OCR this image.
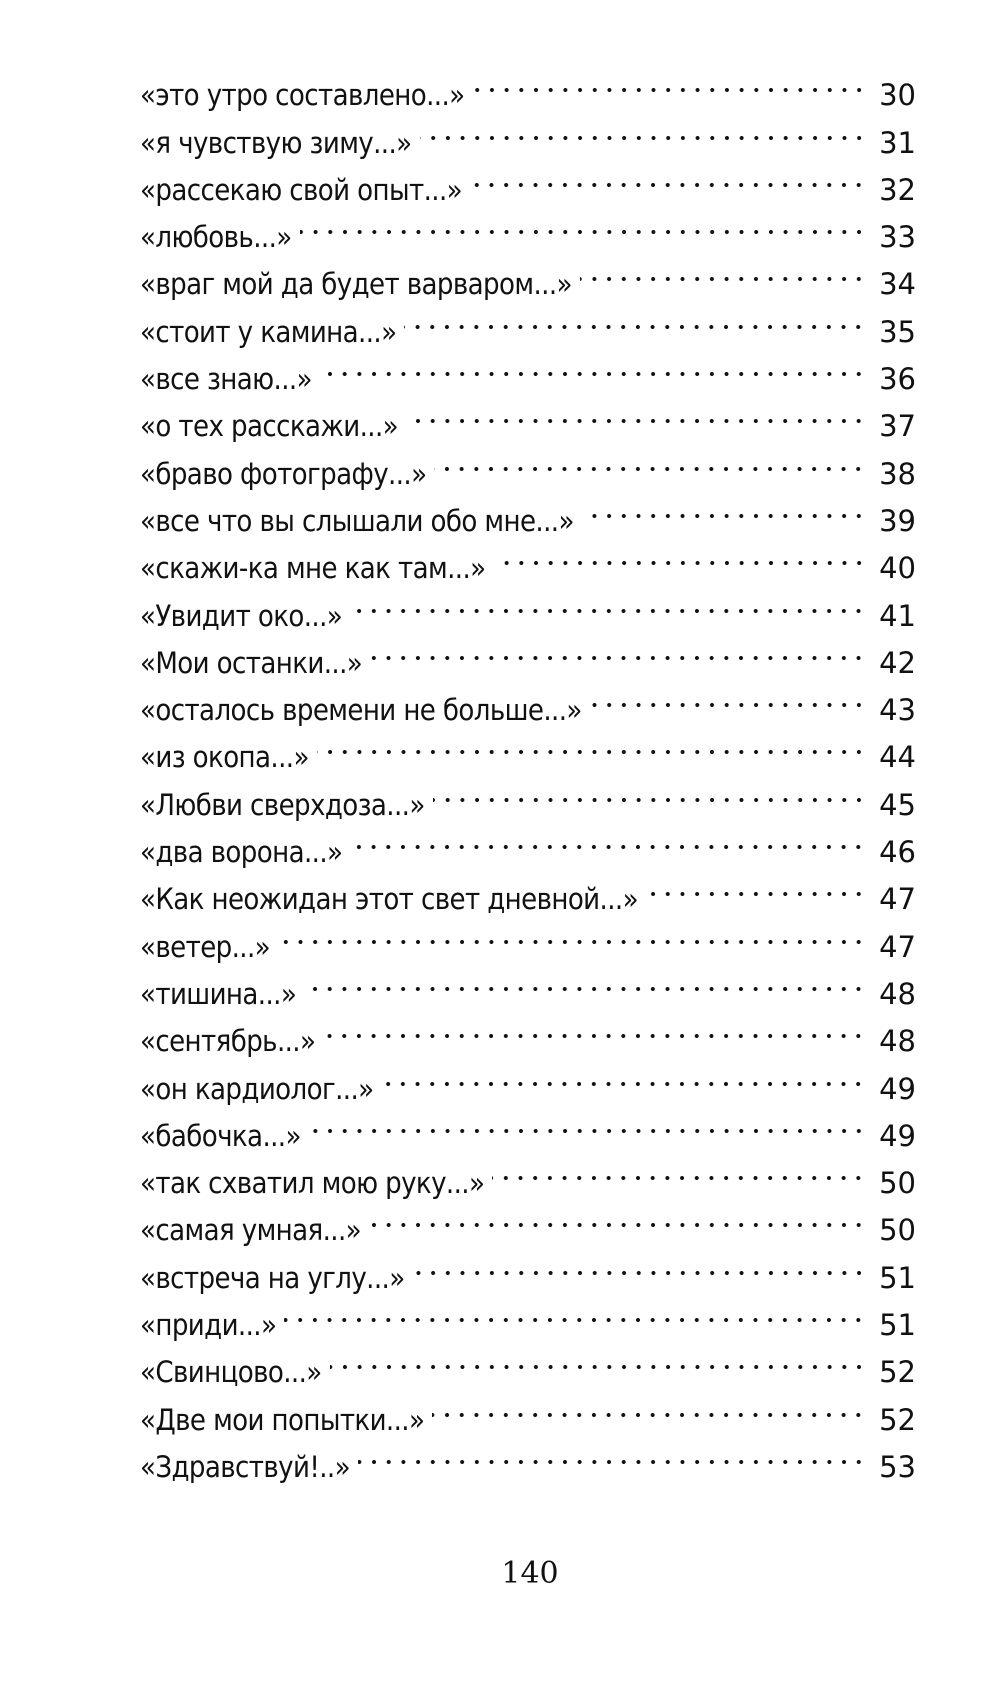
«это утро составлено...»	30
«я чувствую зиму...»	31
«рассекаю свой опыт...»	32
«любовь...»	33
«враг мой да будет варваром...»	34
«стоит у камина...»	35
«все знаю...»	36
«о тех расскажи...»	37
«браво фотографу...»	38
«все что вы слышали обо мне...»	39
«скажи-ка мне как там...»	40
«Увидит око...»	41
«Мои останки...»	42
«осталось времени не больше...»	43
«из окопа...»	44
«Любви сверхдоза...»	45
«два ворона...»	46
«Как неожидан этот свет дневной...»	47
«ветер...»	47
«тишина...»	48
«сентябрь...»	48
«он кардиолог...»	49
«бабочка...»	49
«так схватил мою руку...»	50
«самая умная...»	50
«встреча на углу...»	51
«приди...»	51
«Свинцово...»	52
«Две мои попытки...»	52
«Здравствуй!..»	53
140
